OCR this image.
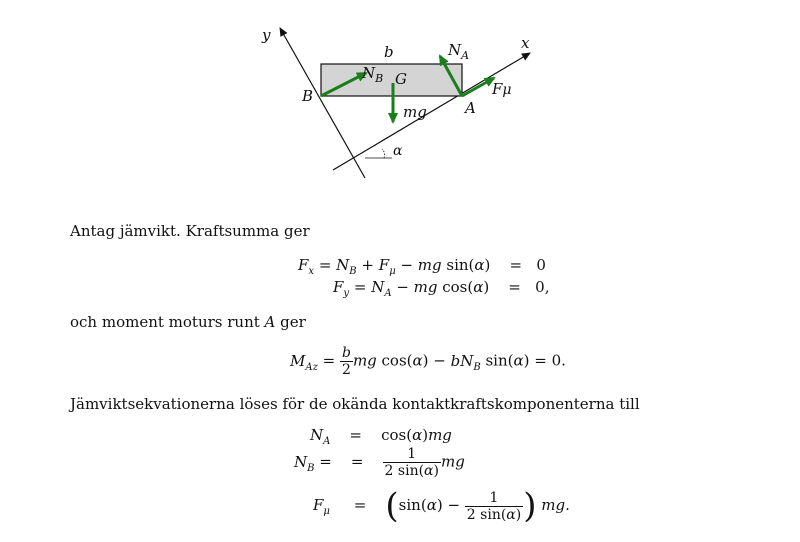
y	x
b
B
A
G
$N_B$
$N_A$
mg
Fμ
α
Antag jämvikt. Kraftsumma ger
$F_x = N_B + F_\mu$ − mg sin(α)    =   0
$F_y = N_A$ − mg cos(α)    =   0,
och moment moturs runt A ger
$M_{Az} = \frac{b}{2}$ mg $\cos(\alpha) - bN_B$ sin(α) = 0.
Jämviktsekvationerna löses för de okända kontaktkraftskomponenterna till
$N_A$    =    cos(α)mg
$N_B$ =    = $\frac{1}{2 \sin(\alpha)}$ mg
$F_\mu$     =    ($\sin(\alpha) - \frac{1}{2 \sin(\alpha)}$ ) mg.
